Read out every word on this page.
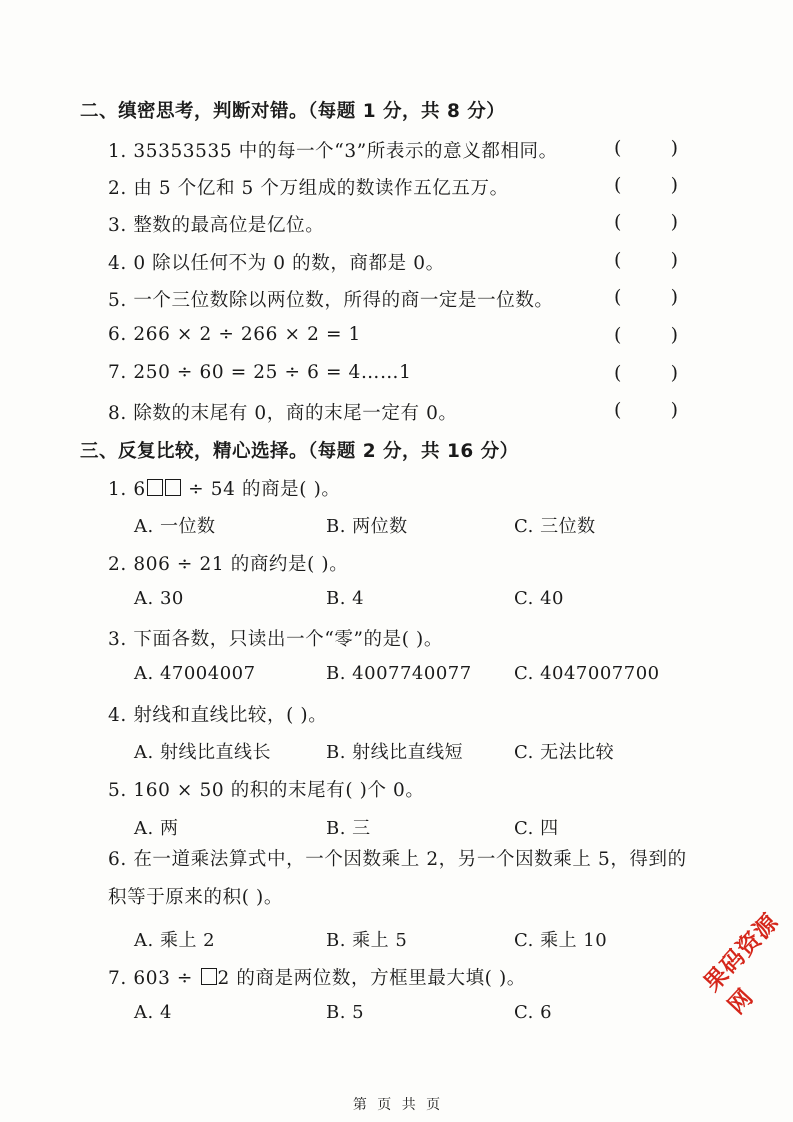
二、缜密思考，判断对错。（每题 1 分，共 8 分）
1. 35353535 中的每一个“3”所表示的意义都相同。	(	)
2. 由 5 个亿和 5 个万组成的数读作五亿五万。	(	)
3. 整数的最高位是亿位。	(	)
4. 0 除以任何不为 0 的数，商都是 0。	(	)
5. 一个三位数除以两位数，所得的商一定是一位数。	(	)
6. 266 × 2 ÷ 266 × 2 = 1	(	)
7. 250 ÷ 60 = 25 ÷ 6 = 4……1	(	)
8. 除数的末尾有 0，商的末尾一定有 0。	(	)
三、反复比较，精心选择。（每题 2 分，共 16 分）
1. 6 ÷ 54 的商是( )。
A. 一位数	B. 两位数	C. 三位数
2. 806 ÷ 21 的商约是( )。
A. 30	B. 4	C. 40
3. 下面各数，只读出一个“零”的是( )。
A. 47004007	B. 4007740077 C. 4047007700
4. 射线和直线比较，( )。
A. 射线比直线长	B. 射线比直线短	C. 无法比较
5. 160 × 50 的积的末尾有( )个 0。
A. 两	B. 三	C. 四
6. 在一道乘法算式中，一个因数乘上 2，另一个因数乘上 5，得到的积等于原来的积( )。
A. 乘上 2	B. 乘上 5	C. 乘上 10
7. 603 ÷ 2 的商是两位数，方框里最大填( )。
A. 4	B. 5	C. 6
果码资源网
第 页 共 页
